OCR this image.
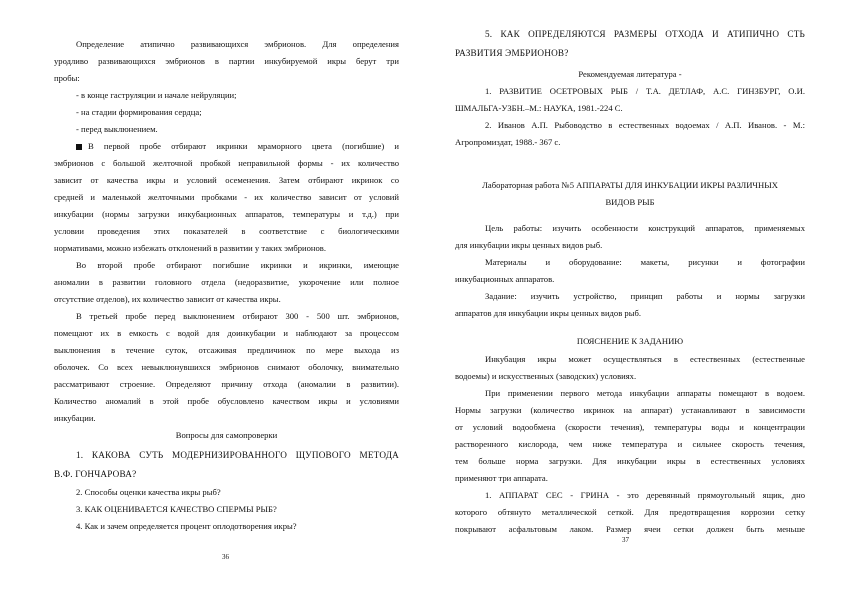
Определение атипично развивающихся эмбрионов. Для определения
уродливо развивающихся эмбрионов в партии инкубируемой икры берут три
пробы:
- в конце гаструляции и начале нейруляции;
- на стадии формирования сердца;
- перед выклюнением.
В первой пробе отбирают икринки мраморного цвета (погибшие) и
эмбрионов с большой желточной пробкой неправильной формы - их количество
зависит от качества икры и условий осеменения. Затем отбирают икринок со
средней и маленькой желточными пробками - их количество зависит от условий
инкубации (нормы загрузки инкубационных аппаратов, температуры и т.д.) при
условии проведения этих показателей в соответствие с биологическими
нормативами, можно избежать отклонений в развитии у таких эмбрионов.
Во второй пробе отбирают погибшие икринки и икринки, имеющие
аномалии в развитии головного отдела (недоразвитие, укорочение или полное
отсутствие отделов), их количество зависит от качества икры.
В третьей пробе перед выклюнением отбирают 300 - 500 шт. эмбрионов,
помещают их в емкость с водой для доинкубации и наблюдают за процессом
выклюнения в течение суток, отсаживая предличинок по мере выхода из
оболочек. Со всех невыклюнувшихся эмбрионов снимают оболочку, внимательно
рассматривают строение. Определяют причину отхода (аномалии в развитии).
Количество аномалий в этой пробе обусловлено качеством икры и условиями
инкубации.
Вопросы для самопроверки
1. КАКОВА СУТЬ МОДЕРНИЗИРОВАННОГО ЩУПОВОГО МЕТОДА
В.Ф. ГОНЧАРОВА?
2. Способы оценки качества икры рыб?
3. КАК ОЦЕНИВАЕТСЯ КАЧЕСТВО СПЕРМЫ РЫБ?
4. Как и зачем определяется процент оплодотворения икры?
36
5. КАК ОПРЕДЕЛЯЮТСЯ РАЗМЕРЫ ОТХОДА И АТИПИЧНО СТЬ
РАЗВИТИЯ ЭМБРИОНОВ?
Рекомендуемая литература -
1. РАЗВИТИЕ ОСЕТРОВЫХ РЫБ / Т.А. ДЕТЛАФ, А.С. ГИНЗБУРГ, О.И.
ШМАЛЬГА-УЗБН.–М.: НАУКА, 1981.-224 С.
2. Иванов А.П. Рыбоводство в естественных водоемах / А.П. Иванов. - М.:
Агропромиздат, 1988.- 367 с.
Лабораторная работа №5 АППАРАТЫ ДЛЯ ИНКУБАЦИИ ИКРЫ РАЗЛИЧНЫХ
ВИДОВ РЫБ
Цель работы: изучить особенности конструкций аппаратов, применяемых
для инкубации икры ценных видов рыб.
Материалы и оборудование: макеты, рисунки и фотографии
инкубационных аппаратов.
Задание: изучить устройство, принцип работы и нормы загрузки
аппаратов для инкубации икры ценных видов рыб.
ПОЯСНЕНИЕ К ЗАДАНИЮ
Инкубация икры может осуществляться в естественных (естественные
водоемы) и искусственных (заводских) условиях.
При применении первого метода инкубации аппараты помещают в водоем.
Нормы загрузки (количество икринок на аппарат) устанавливают в зависимости
от условий водообмена (скорости течения), температуры воды и концентрации
растворенного кислорода, чем ниже температура и сильнее скорость течения,
тем больше норма загрузки. Для инкубации икры в естественных условиях
применяют три аппарата.
1. АППАРАТ СЕС - ГРИНА - это деревянный прямоугольный ящик, дно
которого обтянуто металлической сеткой. Для предотвращения коррозии сетку
покрывают асфальтовым лаком. Размер ячеи сетки должен быть меньше
37
